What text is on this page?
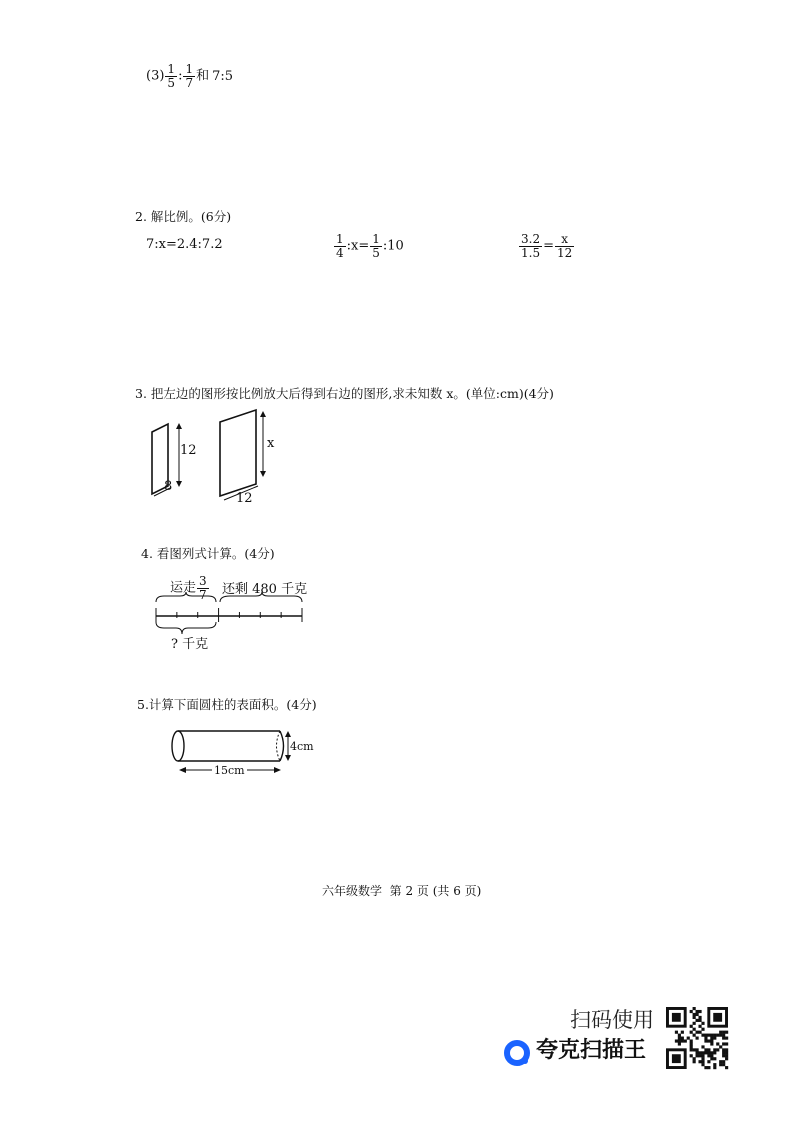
$(3) \frac{1}{5}$ : $\frac{1}{7}$ 和 7:5
2. 解比例。(6分)
7:x=2.4:7.2	$\frac{1}{4}$ :x= $\frac{1}{5}$ :10	$\frac{3.2}{1.5} = \frac{x}{12}$
3. 把左边的图形按比例放大后得到右边的图形,求未知数 x。(单位:cm)(4分)
12
8
x
12
4. 看图列式计算。(4分)
运走 $\frac{3}{7}$ 还剩 480 千克
? 千克
5.计算下面圆柱的表面积。(4分)
4cm
15cm
六年级数学  第 2 页 (共 6 页)
扫码使用
夸克扫描王
